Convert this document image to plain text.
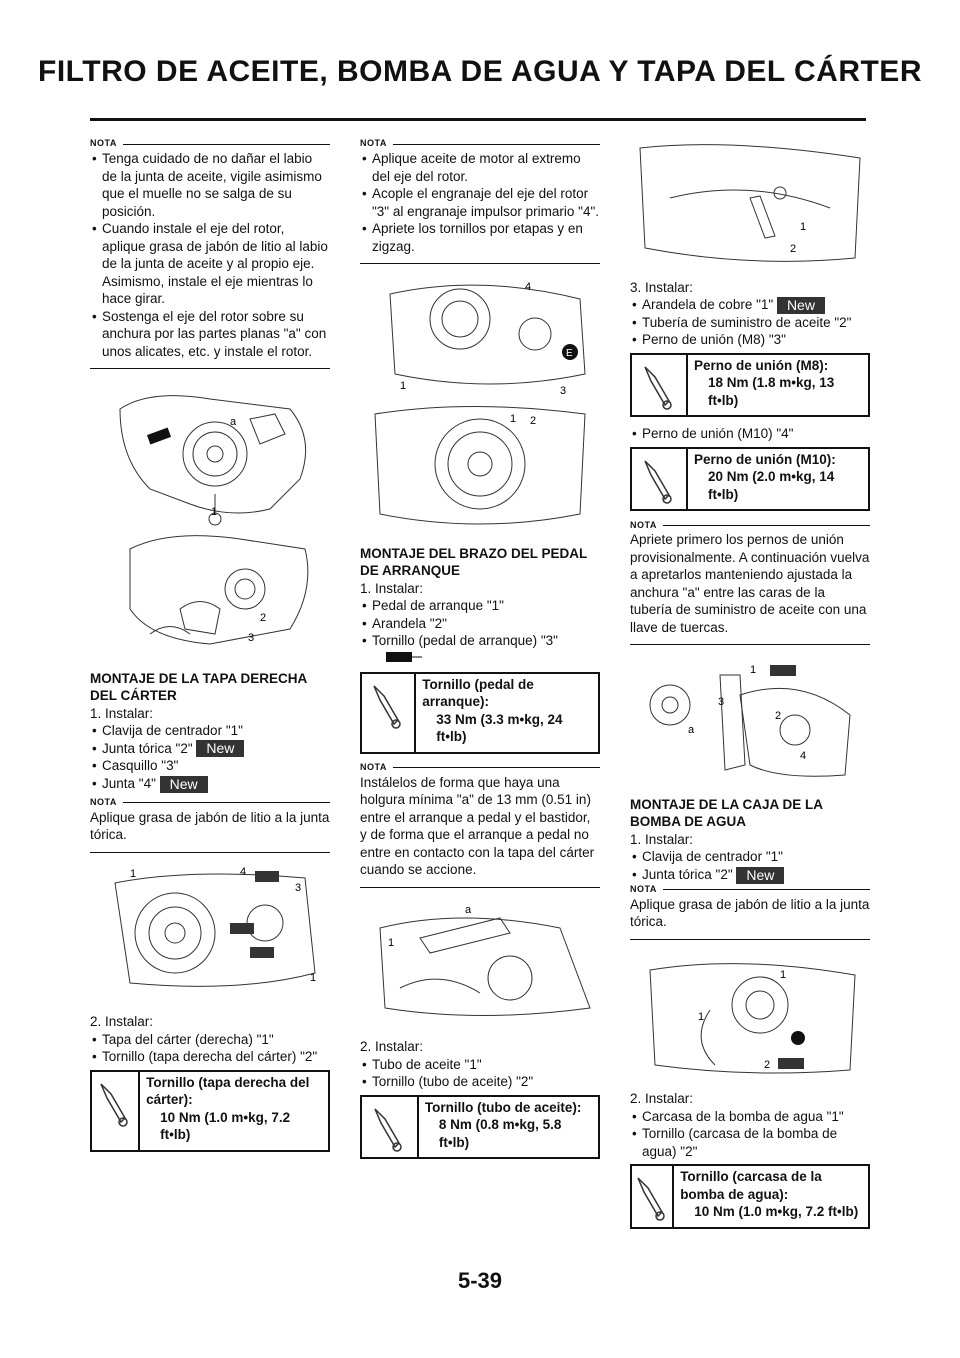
FILTRO DE ACEITE, BOMBA DE AGUA Y TAPA DEL CÁRTER
NOTA
• Tenga cuidado de no dañar el labio de la junta de aceite, vigile asimismo que el muelle no se salga de su posición.
• Cuando instale el eje del rotor, aplique grasa de jabón de litio al labio de la junta de aceite y al propio eje. Asimismo, instale el eje mientras lo hace girar.
• Sostenga el eje del rotor sobre su anchura por las partes planas "a" con unos alicates, etc. y instale el rotor.
a
1
2
3
MONTAJE DE LA TAPA DERECHA DEL CÁRTER
1. Instalar:
• Clavija de centrador "1"
• Junta tórica "2" New
• Casquillo "3"
• Junta "4" New
NOTA
Aplique grasa de jabón de litio a la junta tórica.
4
1
3
1
2. Instalar:
• Tapa del cárter (derecha) "1"
• Tornillo (tapa derecha del cárter) "2"
Tornillo (tapa derecha del cárter):
10 Nm (1.0 m•kg, 7.2 ft•lb)
NOTA
• Aplique aceite de motor al extremo del eje del rotor.
• Acople el engranaje del eje del rotor "3" al engranaje impulsor primario "4".
• Apriete los tornillos por etapas y en zigzag.
E
4
1	3
1 2
MONTAJE DEL BRAZO DEL PEDAL DE ARRANQUE
1. Instalar:
• Pedal de arranque "1"
• Arandela "2"
• Tornillo (pedal de arranque) "3"
Tornillo (pedal de arranque):
33 Nm (3.3 m•kg, 24 ft•lb)
NOTA
Instálelos de forma que haya una holgura mínima "a" de 13 mm (0.51 in) entre el arranque a pedal y el bastidor, y de forma que el arranque a pedal no entre en contacto con la tapa del cárter cuando se accione.
a
1
2. Instalar:
• Tubo de aceite "1"
• Tornillo (tubo de aceite) "2"
Tornillo (tubo de aceite):
8 Nm (0.8 m•kg, 5.8 ft•lb)
1
2
3. Instalar:
• Arandela de cobre "1" New
• Tubería de suministro de aceite "2"
• Perno de unión (M8) "3"
Perno de unión (M8):
18 Nm (1.8 m•kg, 13 ft•lb)
• Perno de unión (M10) "4"
Perno de unión (M10):
20 Nm (2.0 m•kg, 14 ft•lb)
NOTA
Apriete primero los pernos de unión provisionalmente. A continuación vuelva a apretarlos manteniendo ajustada la anchura "a" entre las caras de la tubería de suministro de aceite con una llave de tuercas.
1
3
2
4
a
MONTAJE DE LA CAJA DE LA BOMBA DE AGUA
1. Instalar:
• Clavija de centrador "1"
• Junta tórica "2" New
NOTA
Aplique grasa de jabón de litio a la junta tórica.
1
1
2
2. Instalar:
• Carcasa de la bomba de agua "1"
• Tornillo (carcasa de la bomba de agua) "2"
Tornillo (carcasa de la bomba de agua):
10 Nm (1.0 m•kg, 7.2 ft•lb)
5-39
